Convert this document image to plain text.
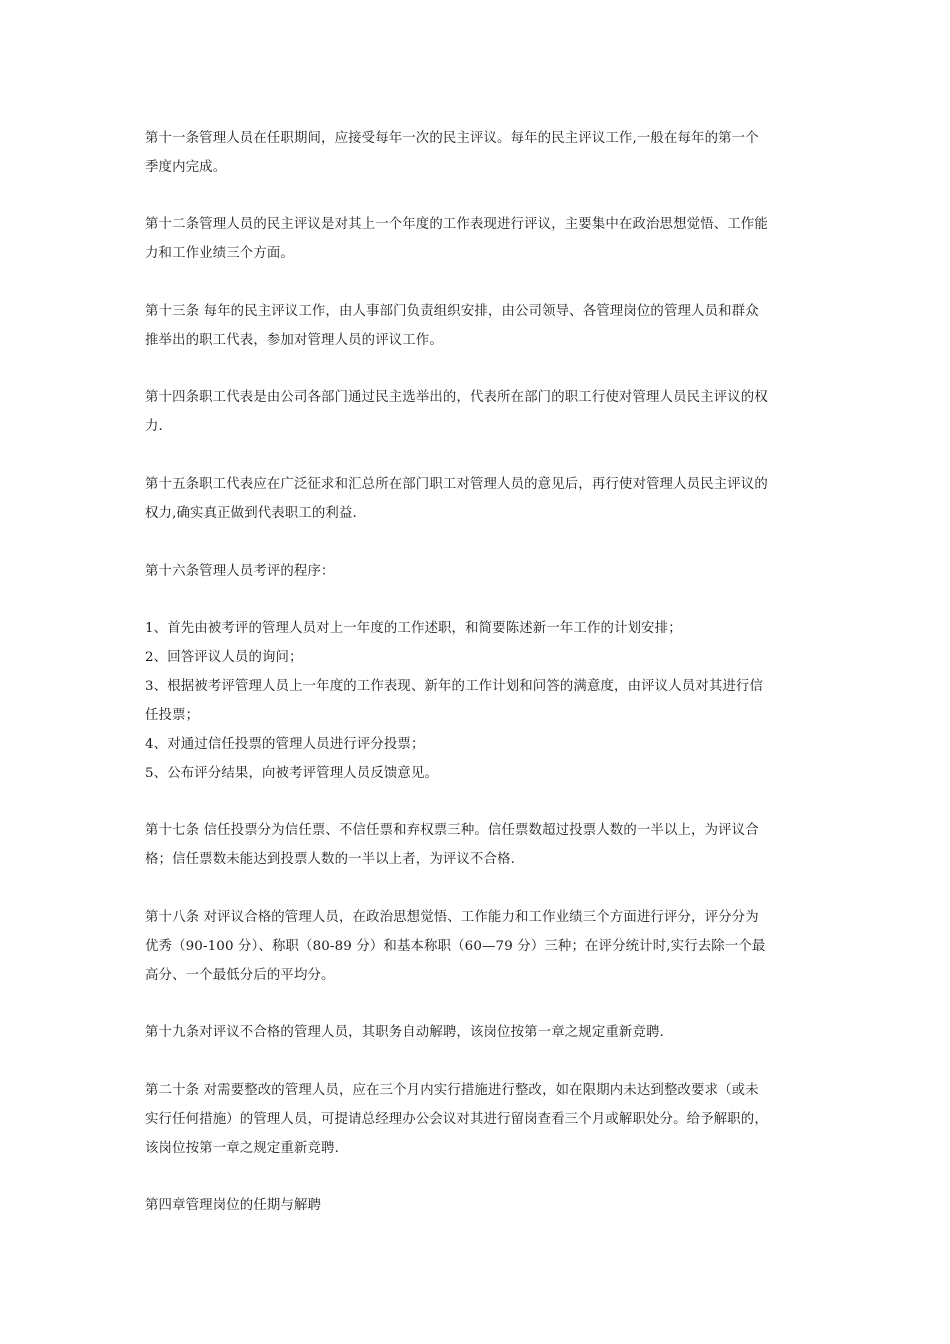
第十一条管理人员在任职期间，应接受每年一次的民主评议。每年的民主评议工作,一般在每年的第一个
季度内完成。
第十二条管理人员的民主评议是对其上一个年度的工作表现进行评议，主要集中在政治思想觉悟、工作能
力和工作业绩三个方面。
第十三条 每年的民主评议工作，由人事部门负责组织安排，由公司领导、各管理岗位的管理人员和群众
推举出的职工代表，参加对管理人员的评议工作。
第十四条职工代表是由公司各部门通过民主选举出的，代表所在部门的职工行使对管理人员民主评议的权
力.
第十五条职工代表应在广泛征求和汇总所在部门职工对管理人员的意见后，再行使对管理人员民主评议的
权力,确实真正做到代表职工的利益.
第十六条管理人员考评的程序：
1、首先由被考评的管理人员对上一年度的工作述职，和简要陈述新一年工作的计划安排；
2、回答评议人员的询问；
3、根据被考评管理人员上一年度的工作表现、新年的工作计划和问答的满意度，由评议人员对其进行信
任投票；
4、对通过信任投票的管理人员进行评分投票；
5、公布评分结果，向被考评管理人员反馈意见。
第十七条 信任投票分为信任票、不信任票和弃权票三种。信任票数超过投票人数的一半以上，为评议合
格；信任票数未能达到投票人数的一半以上者，为评议不合格.
第十八条 对评议合格的管理人员，在政治思想觉悟、工作能力和工作业绩三个方面进行评分，评分分为
优秀（90-100 分）、称职（80-89 分）和基本称职（60—79 分）三种；在评分统计时,实行去除一个最
高分、一个最低分后的平均分。
第十九条对评议不合格的管理人员，其职务自动解聘，该岗位按第一章之规定重新竞聘.
第二十条 对需要整改的管理人员，应在三个月内实行措施进行整改，如在限期内未达到整改要求（或未
实行任何措施）的管理人员，可提请总经理办公会议对其进行留岗查看三个月或解职处分。给予解职的，
该岗位按第一章之规定重新竞聘.
第四章管理岗位的任期与解聘
